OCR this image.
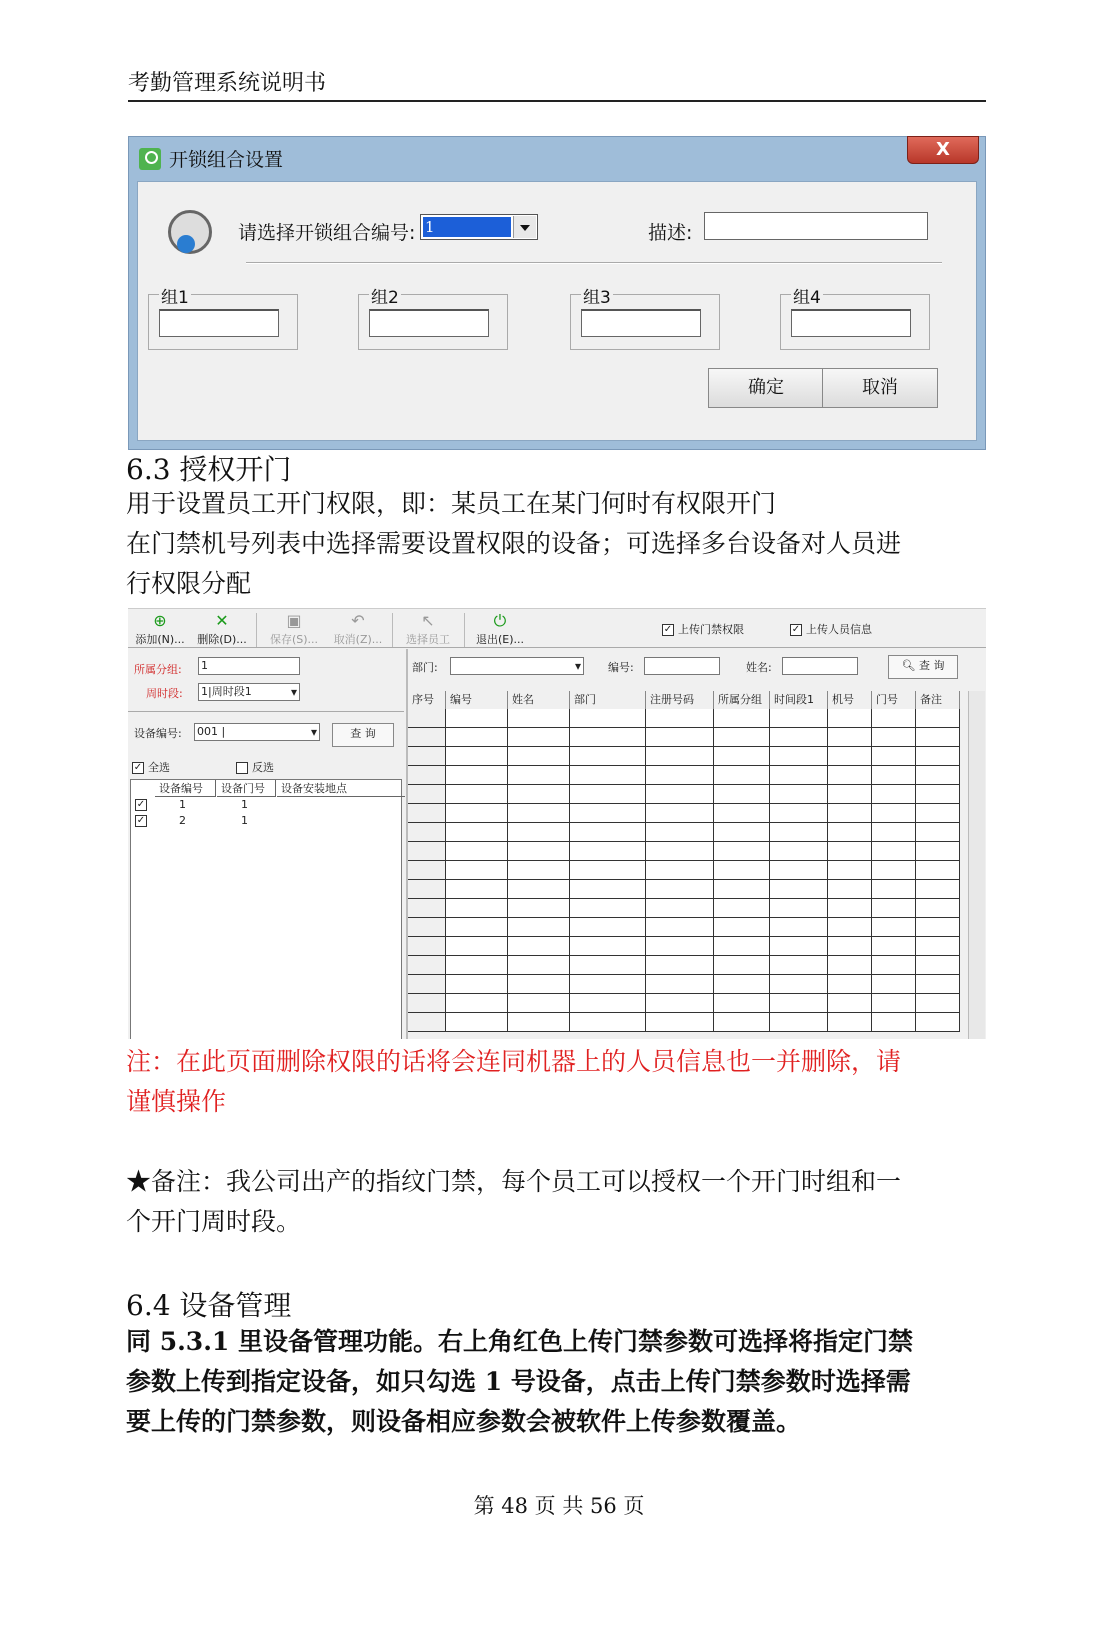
考勤管理系统说明书
开锁组合设置	X
请选择开锁组合编号: 1	描述:
组1	组2	组3	组4
确定	取消
6.3 授权开门
用于设置员工开门权限，即：某员工在某门何时有权限开门
在门禁机号列表中选择需要设置权限的设备；可选择多台设备对人员进
行权限分配
⊕
添加(N)...
✕
删除(D)...
▣
保存(S)...
↶
取消(Z)...
↖
选择员工
⏻
退出(E)...
✓ 上传门禁权限	✓ 上传人员信息
所属分组: 1
周时段: 1|周时段1 ▾
设备编号: 001 | ▾	查 询
✓ 全选	反选
设备编号	设备门号	设备安装地点
✓	1	1
✓	2	1
部门:
▾	编号:	姓名:	🔍︎ 查 询
序号	编号	姓名	部门	注册号码	所属分组	时间段1	机号	门号	备注
注：在此页面删除权限的话将会连同机器上的人员信息也一并删除，请
谨慎操作
★备注：我公司出产的指纹门禁，每个员工可以授权一个开门时组和一
个开门周时段。
6.4 设备管理
同 5.3.1 里设备管理功能。右上角红色上传门禁参数可选择将指定门禁
参数上传到指定设备，如只勾选 1 号设备，点击上传门禁参数时选择需
要上传的门禁参数，则设备相应参数会被软件上传参数覆盖。
第 48 页 共 56 页
